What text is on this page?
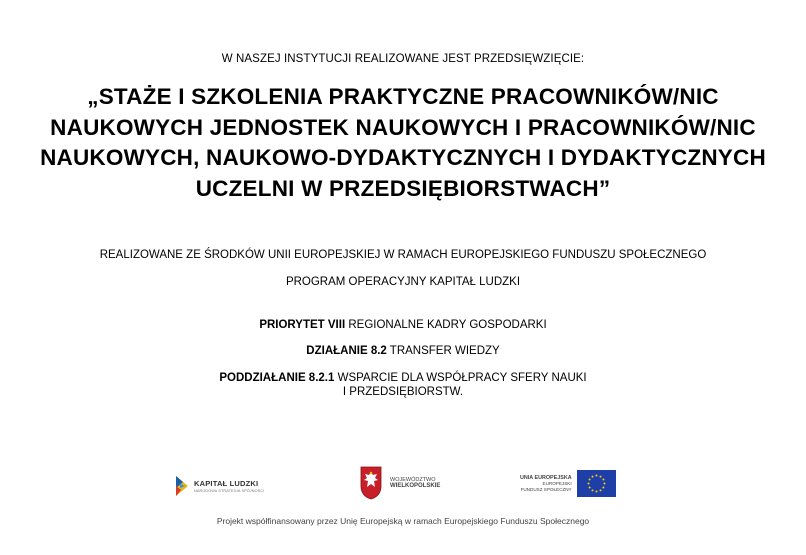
W NASZEJ INSTYTUCJI REALIZOWANE JEST PRZEDSIĘWZIĘCIE:
„STAŻE I SZKOLENIA PRAKTYCZNE PRACOWNIKÓW/NIC NAUKOWYCH JEDNOSTEK NAUKOWYCH I PRACOWNIKÓW/NIC NAUKOWYCH, NAUKOWO-DYDAKTYCZNYCH I DYDAKTYCZNYCH UCZELNI W PRZEDSIĘBIORSTWACH”
REALIZOWANE ZE ŚRODKÓW UNII EUROPEJSKIEJ W RAMACH EUROPEJSKIEGO FUNDUSZU SPOŁECZNEGO
PROGRAM OPERACYJNY KAPITAŁ LUDZKI
PRIORYTET VIII REGIONALNE KADRY GOSPODARKI
DZIAŁANIE 8.2 TRANSFER WIEDZY
PODDZIAŁANIE 8.2.1 WSPARCIE DLA WSPÓŁPRACY SFERY NAUKI
I PRZEDSIĘBIORSTW.
KAPITAŁ LUDZKI
NARODOWA STRATEGIA SPÓJNOŚCI
WOJEWÓDZTWO
WIELKOPOLSKIE
UNIA EUROPEJSKA
EUROPEJSKI
FUNDUSZ SPOŁECZNY
Projekt współfinansowany przez Unię Europejską w ramach Europejskiego Funduszu Społecznego
